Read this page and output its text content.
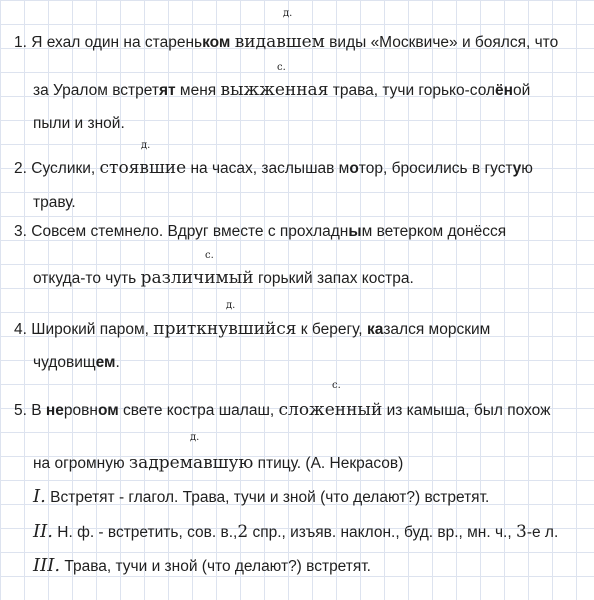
д.
с.
д.
с.
д.
с.
д.
1. Я ехал один на стареньком видавшем виды «Москвиче» и боялся, что
за Уралом встретят меня выжженная трава, тучи горько-солёной
пыли и зной.
2. Суслики, стоявшие на часах, заслышав мотор, бросились в густую
траву.
3. Совсем стемнело. Вдруг вместе с прохладным ветерком донёсся
откуда-то чуть различимый горький запах костра.
4. Широкий паром, приткнувшийся к берегу, казался морским
чудовищем.
5. В неровном свете костра шалаш, сложенный из камыша, был похож
на огромную задремавшую птицу. (А. Некрасов)
I. Встретят - глагол. Трава, тучи и зной (что делают?) встретят.
II. Н. ф. - встретить, сов. в.,2 спр., изъяв. наклон., буд. вр., мн. ч., 3-е л.
III. Трава, тучи и зной (что делают?) встретят.
